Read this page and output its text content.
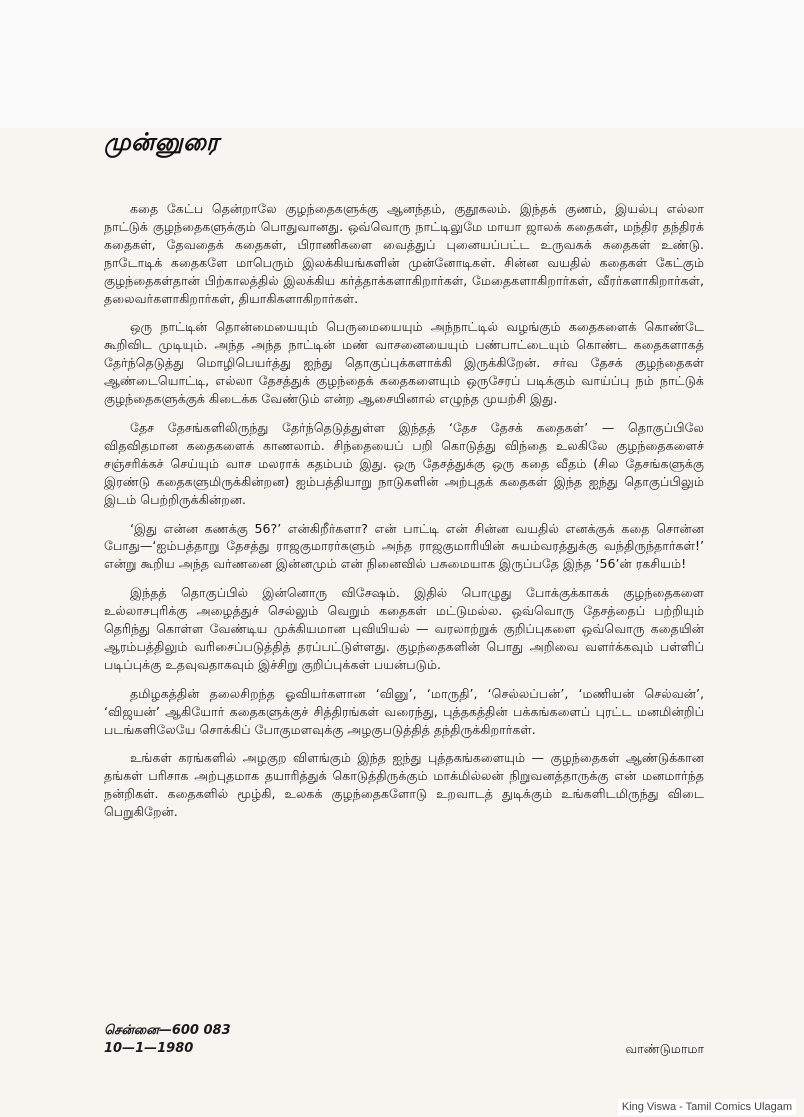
முன்னுரை

கதை கேட்ப தென்றாலே குழந்தைகளுக்கு ஆனந்தம், குதூகலம். இந்தக் குணம், இயல்பு எல்லா நாட்டுக் குழந்தைகளுக்கும் பொதுவானது. ஒவ்வொரு நாட்டிலுமே மாயா ஜாலக் கதைகள், மந்திர தந்திரக் கதைகள், தேவதைக் கதைகள், பிராணிகளை வைத்துப் புனையப்பட்ட உருவகக் கதைகள் உண்டு. நாடோடிக் கதைகளே மாபெரும் இலக்கியங்களின் முன்னோடிகள். சின்ன வயதில் கதைகள் கேட்கும் குழந்தைகள்தான் பிற்காலத்தில் இலக்கிய கர்த்தாக்களாகிறார்கள், மேதைகளாகிறார்கள், வீரர்களாகிறார்கள், தலைவர்களாகிறார்கள், தியாகிகளாகிறார்கள்.

ஒரு நாட்டின் தொன்மையையும் பெருமையையும் அந்நாட்டில் வழங்கும் கதைகளைக் கொண்டே கூறிவிட முடியும். அந்த அந்த நாட்டின் மண் வாசனையையும் பண்பாட்டையும் கொண்ட கதைகளாகத் தேர்ந்தெடுத்து மொழிபெயர்த்து ஐந்து தொகுப்புக்களாக்கி இருக்கிறேன். சர்வ தேசக் குழந்தைகள் ஆண்டையொட்டி, எல்லா தேசத்துக் குழந்தைக் கதைகளையும் ஒருசேரப் படிக்கும் வாய்ப்பு நம் நாட்டுக் குழந்தைகளுக்குக் கிடைக்க வேண்டும் என்ற ஆசையினால் எழுந்த முயற்சி இது.

தேச தேசங்களிலிருந்து தேர்ந்தெடுத்துள்ள இந்தத் ‘தேச தேசக் கதைகள்’ — தொகுப்பிலே விதவிதமான கதைகளைக் காணலாம். சிந்தையைப் பறி கொடுத்து விந்தை உலகிலே குழந்தைகளைச் சஞ்சரிக்கச் செய்யும் வாச மலராக் கதம்பம் இது. ஒரு தேசத்துக்கு ஒரு கதை வீதம் (சில தேசங்களுக்கு இரண்டு கதைகளுமிருக்கின்றன) ஐம்பத்தியாறு நாடுகளின் அற்புதக் கதைகள் இந்த ஐந்து தொகுப்பிலும் இடம் பெற்றிருக்கின்றன.

‘இது என்ன கணக்கு 56?’ என்கிறீர்களா? என் பாட்டி என் சின்ன வயதில் எனக்குக் கதை சொன்ன போது—‘ஐம்பத்தாறு தேசத்து ராஜகுமாரர்களும் அந்த ராஜகுமாரியின் சுயம்வரத்துக்கு வந்திருந்தார்கள்!’ என்று கூறிய அந்த வர்ணனை இன்னமும் என் நினைவில் பசுமையாக இருப்பதே இந்த ‘56’ன் ரகசியம்!

இந்தத் தொகுப்பில் இன்னொரு விசேஷம். இதில் பொழுது போக்குக்காகக் குழந்தைகளை உல்லாசபுரிக்கு அழைத்துச் செல்லும் வெறும் கதைகள் மட்டுமல்ல. ஒவ்வொரு தேசத்தைப் பற்றியும் தெரிந்து கொள்ள வேண்டிய முக்கியமான புவியியல் — வரலாற்றுக் குறிப்புகளை ஒவ்வொரு கதையின் ஆரம்பத்திலும் வரிசைப்படுத்தித் தரப்பட்டுள்ளது. குழந்தைகளின் பொது அறிவை வளர்க்கவும் பள்ளிப் படிப்புக்கு உதவுவதாகவும் இச்சிறு குறிப்புக்கள் பயன்படும்.

தமிழகத்தின் தலைசிறந்த ஓவியர்களான ‘வினு’, ‘மாருதி’, ‘செல்லப்பன்’, ‘மணியன் செல்வன்’, ‘விஜயன்’ ஆகியோர் கதைகளுக்குச் சித்திரங்கள் வரைந்து, புத்தகத்தின் பக்கங்களைப் புரட்ட மனமின்றிப் படங்களிலேயே சொக்கிப் போகுமளவுக்கு அழகுபடுத்தித் தந்திருக்கிறார்கள்.

உங்கள் கரங்களில் அழகுற விளங்கும் இந்த ஐந்து புத்தகங்களையும் — குழந்தைகள் ஆண்டுக்கான தங்கள் பரிசாக அற்புதமாக தயாரித்துக் கொடுத்திருக்கும் மாக்மில்லன் நிறுவனத்தாருக்கு என் மனமார்ந்த நன்றிகள். கதைகளில் மூழ்கி, உலகக் குழந்தைகளோடு உறவாடத் துடிக்கும் உங்களிடமிருந்து விடை பெறுகிறேன்.

சென்னை—600 083
10—1—1980	வாண்டுமாமா
King Viswa - Tamil Comics Ulagam
